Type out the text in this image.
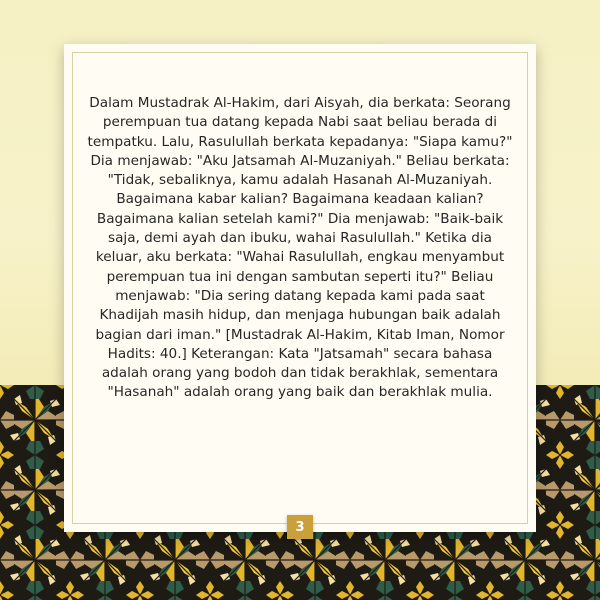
Dalam Mustadrak Al-Hakim, dari Aisyah, dia berkata: Seorang perempuan tua datang kepada Nabi saat beliau berada di tempatku. Lalu, Rasulullah berkata kepadanya: "Siapa kamu?" Dia menjawab: "Aku Jatsamah Al-Muzaniyah." Beliau berkata: "Tidak, sebaliknya, kamu adalah Hasanah Al-Muzaniyah. Bagaimana kabar kalian? Bagaimana keadaan kalian? Bagaimana kalian setelah kami?" Dia menjawab: "Baik-baik saja, demi ayah dan ibuku, wahai Rasulullah." Ketika dia keluar, aku berkata: "Wahai Rasulullah, engkau menyambut perempuan tua ini dengan sambutan seperti itu?" Beliau menjawab: "Dia sering datang kepada kami pada saat Khadijah masih hidup, dan menjaga hubungan baik adalah bagian dari iman." [Mustadrak Al-Hakim, Kitab Iman, Nomor Hadits: 40.] Keterangan: Kata "Jatsamah" secara bahasa adalah orang yang bodoh dan tidak berakhlak, sementara "Hasanah" adalah orang yang baik dan berakhlak mulia.

3
